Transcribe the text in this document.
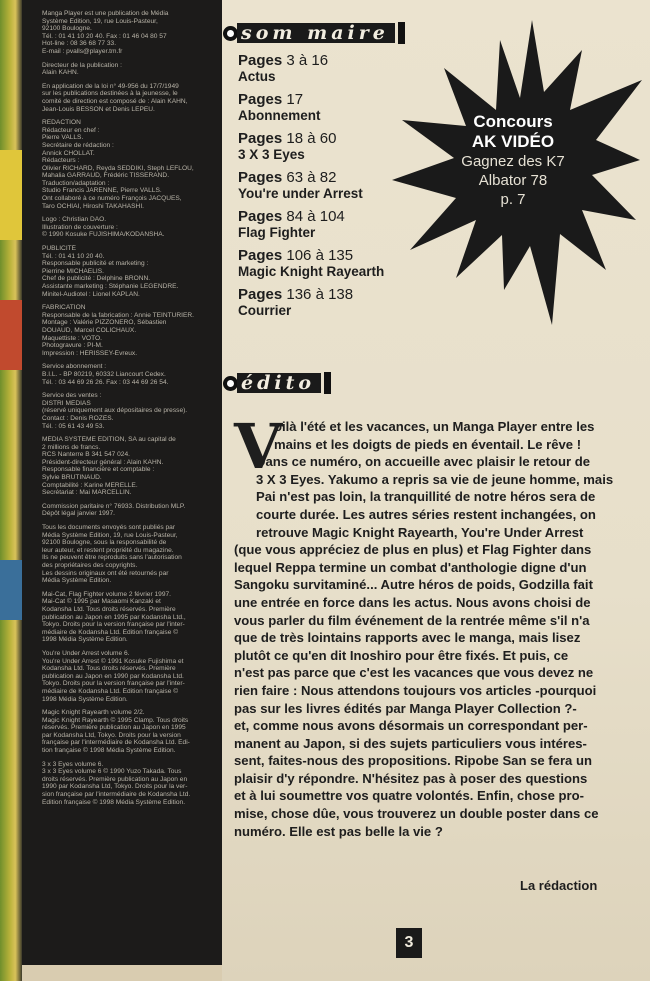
Manga Player est une publication de Média
Système Édition, 19, rue Louis-Pasteur,
92100 Boulogne.
Tél. : 01 41 10 20 40. Fax : 01 46 04 80 57
Hot-line : 08 36 68 77 33.
E-mail : pvalls@player.tm.fr
Directeur de la publication :
Alain KAHN.
En application de la loi n° 49-956 du 17/7/1949
sur les publications destinées à la jeunesse, le
comité de direction est composé de : Alain KAHN,
Jean-Louis BESSON et Denis LEPEU.
RÉDACTION
Rédacteur en chef :
Pierre VALLS.
Secrétaire de rédaction :
Annick CHOLLAT.
Rédacteurs :
Olivier RICHARD, Reyda SEDDIKI, Steph LEFLOU,
Mahalia GARRAUD, Frédéric TISSERAND.
Traduction/adaptation :
Studio Francis JARENNE, Pierre VALLS.
Ont collaboré à ce numéro François JACQUES,
Taro OCHIAI, Hiroshi TAKAHASHI.
Logo : Christian DAO.
Illustration de couverture :
© 1990 Kosuke FUJISHIMA/KODANSHA.
PUBLICITÉ
Tél. : 01 41 10 20 40.
Responsable publicité et marketing :
Pierrine MICHAELIS.
Chef de publicité : Delphine BRONN.
Assistante marketing : Stéphanie LEGENDRE.
Minitel-Audiotel : Lionel KAPLAN.
FABRICATION
Responsable de la fabrication : Annie TEINTURIER.
Montage : Valérie PIZZONERO, Sébastien
DOUAUD, Marcel COLICHAUX.
Maquettiste : VOTO.
Photogravure : PI-M.
Impression : HÉRISSEY-Évreux.
Service abonnement :
B.I.L. - BP 80219, 60332 Liancourt Cedex.
Tél. : 03 44 69 26 26. Fax : 03 44 69 26 54.
Service des ventes :
DISTRI MÉDIAS
(réservé uniquement aux dépositaires de presse).
Contact : Denis ROZÈS.
Tél. : 05 61 43 49 53.
MÉDIA SYSTÈME ÉDITION, SA au capital de
2 millions de francs.
RCS Nanterre B 341 547 024.
Président-directeur général : Alain KAHN.
Responsable financière et comptable :
Sylvie BRUTINAUD.
Comptabilité : Karine MERELLE.
Secrétariat : Mai MARCELLIN.
Commission paritaire n° 76933. Distribution MLP.
Dépôt légal janvier 1997.
Tous les documents envoyés sont publiés par
Média Système Édition, 19, rue Louis-Pasteur,
92100 Boulogne, sous la responsabilité de
leur auteur, et restent propriété du magazine.
Ils ne peuvent être reproduits sans l'autorisation
des propriétaires des copyrights.
Les dessins originaux ont été retournés par
Média Système Édition.
Mai-Cat, Flag Fighter volume 2 février 1997.
Mai-Cat © 1995 par Masaomi Kanzaki et
Kodansha Ltd. Tous droits réservés. Première
publication au Japon en 1995 par Kodansha Ltd.,
Tokyo. Droits pour la version française par l'inter-
médiaire de Kodansha Ltd. Édition française ©
1998 Média Système Édition.
You're Under Arrest volume 6.
You're Under Arrest © 1991 Kosuke Fujishima et
Kodansha Ltd. Tous droits réservés. Première
publication au Japon en 1990 par Kodansha Ltd.
Tokyo. Droits pour la version française par l'inter-
médiaire de Kodansha Ltd. Édition française ©
1998 Média Système Édition.
Magic Knight Rayearth volume 2/2.
Magic Knight Rayearth © 1995 Clamp. Tous droits
réservés. Première publication au Japon en 1995
par Kodansha Ltd, Tokyo. Droits pour la version
française par l'intermédiaire de Kodansha Ltd. Édi-
tion française © 1998 Média Système Édition.
3 x 3 Eyes volume 6.
3 x 3 Eyes volume 6 © 1990 Yuzo Takada. Tous
droits réservés. Première publication au Japon en
1990 par Kodansha Ltd, Tokyo. Droits pour la ver-
sion française par l'intermédiaire de Kodansha Ltd.
Édition française © 1998 Média Système Édition.
som maire
Concours
AK VIDÉO
Gagnez des K7
Albator 78
p. 7
Pages 3 à 16
Actus
Pages 17
Abonnement
Pages 18 à 60
3 X 3 Eyes
Pages 63 à 82
You're under Arrest
Pages 84 à 104
Flag Fighter
Pages 106 à 135
Magic Knight Rayearth
Pages 136 à 138
Courrier
édito
V
oilà l'été et les vacances, un Manga Player entre les
mains et les doigts de pieds en éventail. Le rêve !
Dans ce numéro, on accueille avec plaisir le retour de
3 X 3 Eyes. Yakumo a repris sa vie de jeune homme, mais
Pai n'est pas loin, la tranquillité de notre héros sera de
courte durée. Les autres séries restent inchangées, on
retrouve Magic Knight Rayearth, You're Under Arrest
(que vous appréciez de plus en plus) et Flag Fighter dans
lequel Reppa termine un combat d'anthologie digne d'un
Sangoku survitaminé... Autre héros de poids, Godzilla fait
une entrée en force dans les actus. Nous avons choisi de
vous parler du film événement de la rentrée même s'il n'a
que de très lointains rapports avec le manga, mais lisez
plutôt ce qu'en dit Inoshiro pour être fixés. Et puis, ce
n'est pas parce que c'est les vacances que vous devez ne
rien faire : Nous attendons toujours vos articles -pourquoi
pas sur les livres édités par Manga Player Collection ?-
et, comme nous avons désormais un correspondant per-
manent au Japon, si des sujets particuliers vous intéres-
sent, faites-nous des propositions. Ripobe San se fera un
plaisir d'y répondre. N'hésitez pas à poser des questions
et à lui soumettre vos quatre volontés. Enfin, chose pro-
mise, chose dûe, vous trouverez un double poster dans ce
numéro. Elle est pas belle la vie ?
La rédaction
3
